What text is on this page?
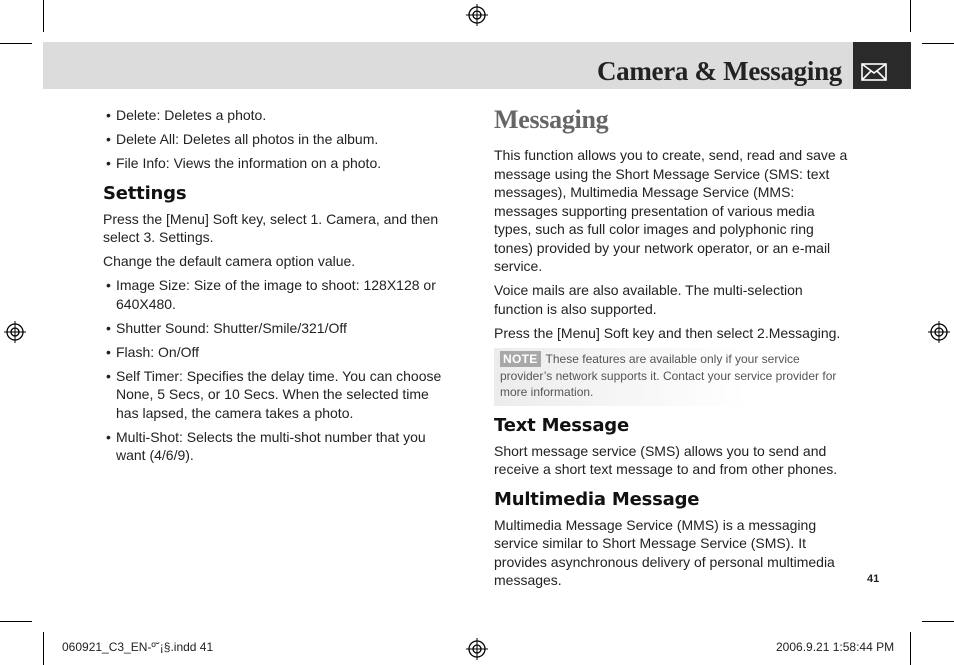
Camera & Messaging
• Delete: Deletes a photo.
• Delete All: Deletes all photos in the album.
• File Info: Views the information on a photo.
Settings

Press the [Menu] Soft key, select 1. Camera, and then select 3. Settings.

Change the default camera option value.

• Image Size: Size of the image to shoot: 128X128 or 640X480.
• Shutter Sound: Shutter/Smile/321/Off
• Flash: On/Off
• Self Timer: Specifies the delay time. You can choose None, 5 Secs, or 10 Secs. When the selected time has lapsed, the camera takes a photo.
• Multi-Shot: Selects the multi-shot number that you want (4/6/9).
Messaging

This function allows you to create, send, read and save a message using the Short Message Service (SMS: text messages), Multimedia Message Service (MMS: messages supporting presentation of various media types, such as full color images and polyphonic ring tones) provided by your network operator, or an e-mail service.

Voice mails are also available. The multi-selection function is also supported.

Press the [Menu] Soft key and then select 2.Messaging.

NOTE These features are available only if your service provider’s network supports it. Contact your service provider for more information.
Text Message

Short message service (SMS) allows you to send and receive a short text message to and from other phones.

Multimedia Message

Multimedia Message Service (MMS) is a messaging service similar to Short Message Service (SMS). It provides asynchronous delivery of personal multimedia messages.	41
060921_C3_EN-º˘¡§.indd 41	2006.9.21 1:58:44 PM
